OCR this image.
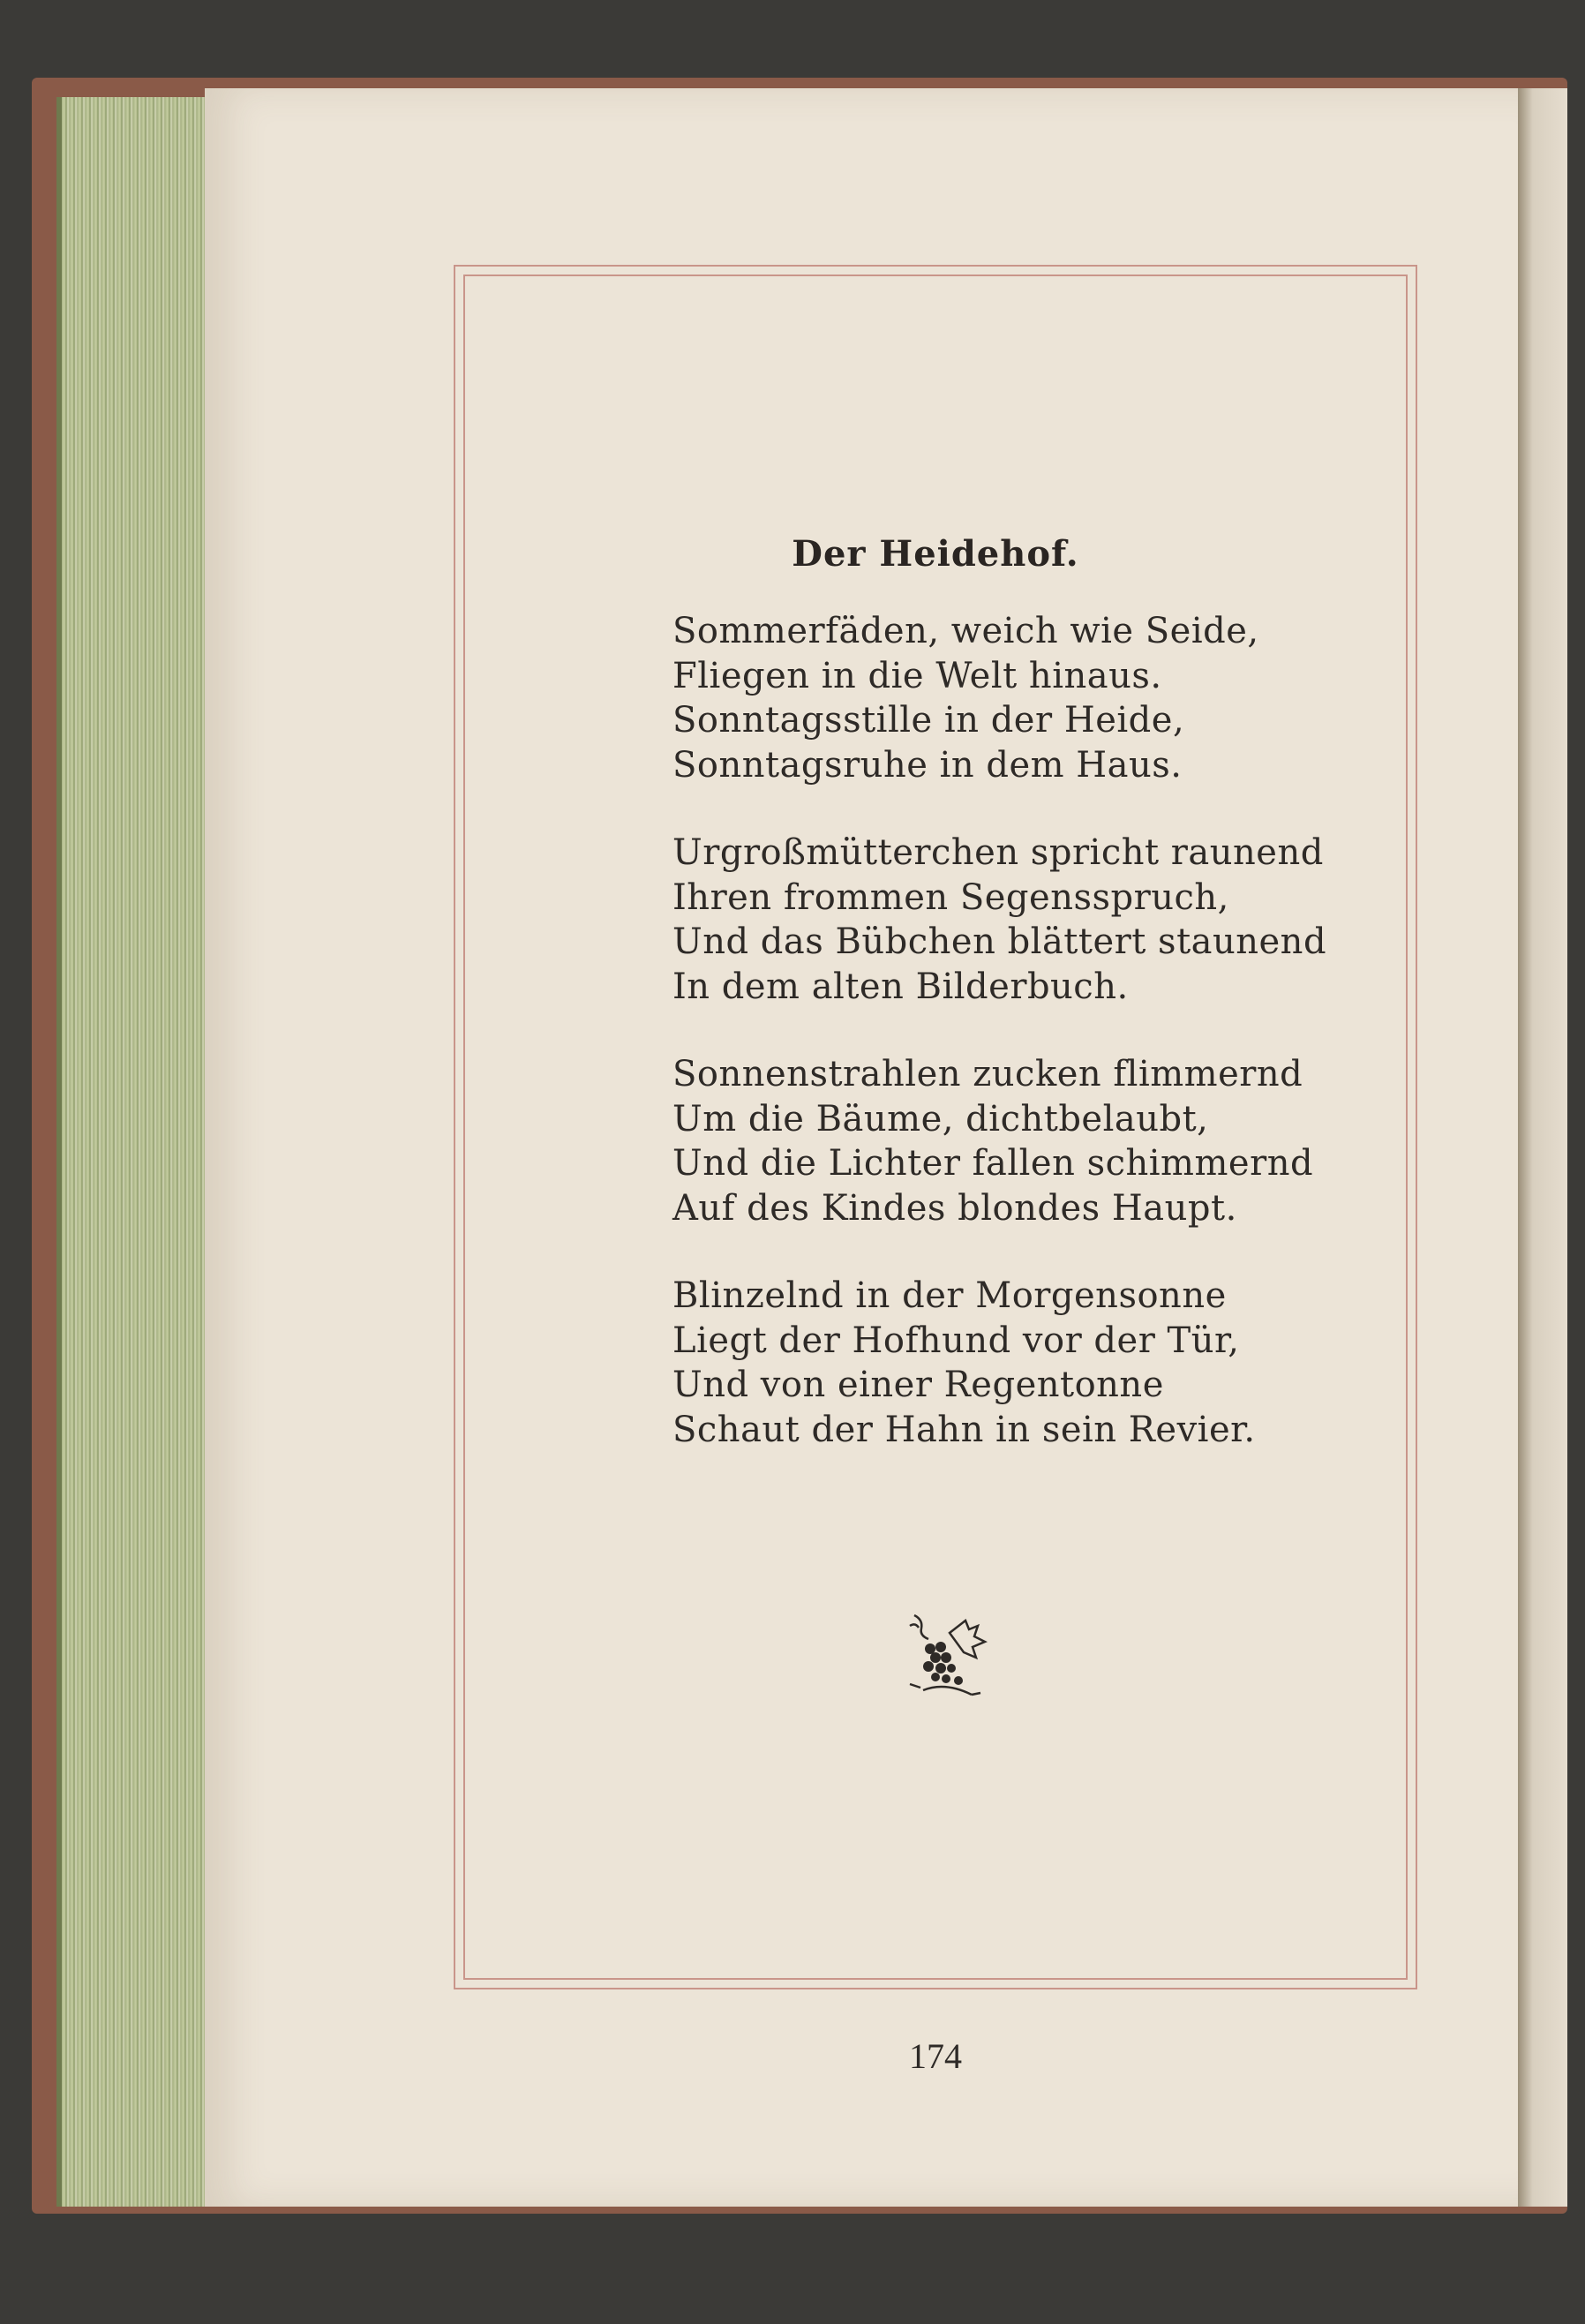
Der Heidehof.
Sommerfäden, weich wie Seide,
Fliegen in die Welt hinaus.
Sonntagsstille in der Heide,
Sonntagsruhe in dem Haus.
Urgroßmütterchen spricht raunend
Ihren frommen Segensspruch,
Und das Bübchen blättert staunend
In dem alten Bilderbuch.
Sonnenstrahlen zucken flimmernd
Um die Bäume, dichtbelaubt,
Und die Lichter fallen schimmernd
Auf des Kindes blondes Haupt.
Blinzelnd in der Morgensonne
Liegt der Hofhund vor der Tür,
Und von einer Regentonne
Schaut der Hahn in sein Revier.
174
